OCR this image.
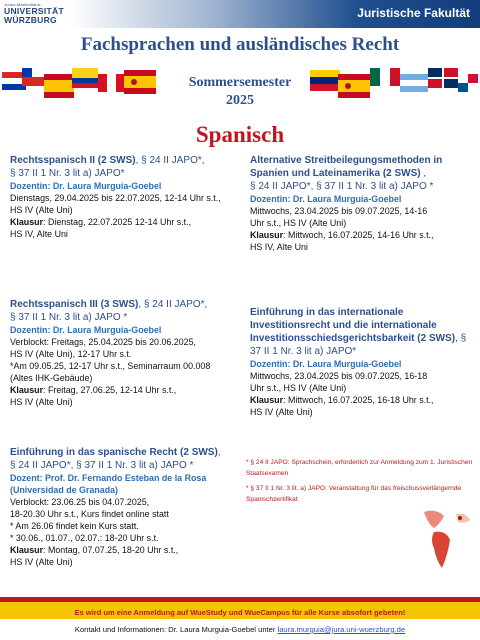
Julius-Maximilians-
UNIVERSITÄT
WÜRZBURG	Juristische Fakultät
Fachsprachen und ausländisches Recht
Sommersemester
2025
Spanisch
Rechtsspanisch II (2 SWS), § 24 II JAPO*,
§ 37 II 1 Nr. 3 lit a) JAPO*
Dozentin: Dr. Laura Murguía-Goebel
Dienstags, 29.04.2025 bis 22.07.2025, 12-14 Uhr s.t.,
HS IV (Alte Uni)
Klausur: Dienstag, 22.07.2025 12-14 Uhr s.t.,
HS IV, Alte Uni
Alternative Streitbeilegungsmethoden in Spanien und Lateinamerika (2 SWS) ,
§ 24 II JAPO*, § 37 II 1 Nr. 3 lit a) JAPO *
Dozentin: Dr. Laura Murguía-Goebel
Mittwochs, 23.04.2025 bis 09.07.2025, 14-16
Uhr s.t., HS IV (Alte Uni)
Klausur: Mittwoch, 16.07.2025, 14-16 Uhr s.t.,
HS IV, Alte Uni
Rechtsspanisch III (3 SWS), § 24 II JAPO*,
§ 37 II 1 Nr. 3 lit a) JAPO *
Dozentin: Dr. Laura Murguía-Goebel
Verblockt: Freitags, 25.04.2025 bis 20.06.2025,
HS IV (Alte Uni), 12-17 Uhr s.t.
*Am 09.05.25, 12-17 Uhr s.t., Seminarraum 00.008
(Altes IHK-Gebäude)
Klausur: Freitag, 27.06.25, 12-14 Uhr s.t.,
HS IV (Alte Uni)
Einführung in das internationale Investitionsrecht und die internationale Investitionsschiedsgerichtsbarkeit (2 SWS), § 37 II 1 Nr. 3 lit a) JAPO*
Dozentin: Dr. Laura Murguía-Goebel
Mittwochs, 23.04.2025 bis 09.07.2025, 16-18
Uhr s.t., HS IV (Alte Uni)
Klausur: Mittwoch, 16.07.2025, 16-18 Uhr s.t.,
HS IV (Alte Uni)
Einführung in das spanische Recht (2 SWS),
§ 24 II JAPO*, § 37 II 1 Nr. 3 lit a) JAPO *
Dozent: Prof. Dr. Fernando Esteban de la Rosa (Universidad de Granada)
Verblockt: 23.06.25 bis 04.07.2025,
18-20.30 Uhr s.t., Kurs findet online statt
* Am 26.06 findet kein Kurs statt.
* 30.06., 01.07., 02.07.: 18-20 Uhr s.t.
Klausur: Montag, 07.07.25, 18-20 Uhr s.t.,
HS IV (Alte Uni)
* § 24 II JAPO: Sprachschein, erforderlich zur Anmeldung zum 1. Juristischen Staatsexamen
* § 37 II 1 Nr. 3 lit. a) JAPO: Veranstaltung für das freischussverlängernde Spanischzertifikat
Es wird um eine Anmeldung auf WueStudy und WueCampus für alle Kurse absofort gebeten!
Kontakt und Informationen: Dr. Laura Murguia-Goebel unter laura.murguia@jura.uni-wuerzburg.de
